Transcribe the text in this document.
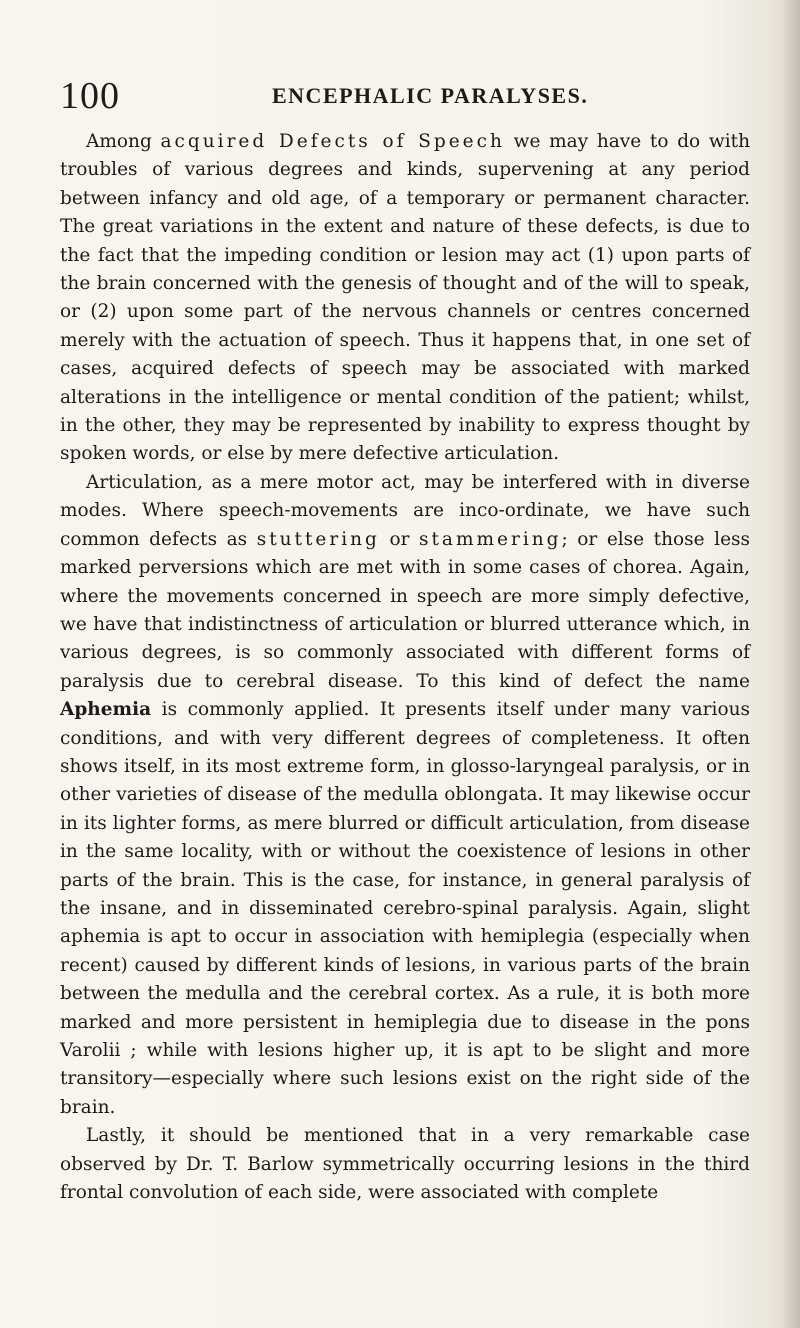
100	ENCEPHALIC PARALYSES.

Among acquired Defects of Speech we may have to do with troubles of various degrees and kinds, supervening at any period between infancy and old age, of a temporary or permanent character. The great variations in the extent and nature of these defects, is due to the fact that the impeding condition or lesion may act (1) upon parts of the brain concerned with the genesis of thought and of the will to speak, or (2) upon some part of the nervous channels or centres concerned merely with the actuation of speech. Thus it happens that, in one set of cases, acquired defects of speech may be associated with marked alterations in the intelligence or mental condition of the patient; whilst, in the other, they may be represented by inability to express thought by spoken words, or else by mere defective articulation.

Articulation, as a mere motor act, may be interfered with in diverse modes. Where speech-movements are inco-ordinate, we have such common defects as stuttering or stammering; or else those less marked perversions which are met with in some cases of chorea. Again, where the movements concerned in speech are more simply defective, we have that indistinctness of articulation or blurred utterance which, in various degrees, is so commonly associated with different forms of paralysis due to cerebral disease. To this kind of defect the name Aphemia is commonly applied. It presents itself under many various conditions, and with very different degrees of completeness. It often shows itself, in its most extreme form, in glosso-laryngeal paralysis, or in other varieties of disease of the medulla oblongata. It may likewise occur in its lighter forms, as mere blurred or difficult articulation, from disease in the same locality, with or without the coexistence of lesions in other parts of the brain. This is the case, for instance, in general paralysis of the insane, and in disseminated cerebro-spinal paralysis. Again, slight aphemia is apt to occur in association with hemiplegia (especially when recent) caused by different kinds of lesions, in various parts of the brain between the medulla and the cerebral cortex. As a rule, it is both more marked and more persistent in hemiplegia due to disease in the pons Varolii ; while with lesions higher up, it is apt to be slight and more transitory—especially where such lesions exist on the right side of the brain.

Lastly, it should be mentioned that in a very remarkable case observed by Dr. T. Barlow symmetrically occurring lesions in the third frontal convolution of each side, were associated with complete
